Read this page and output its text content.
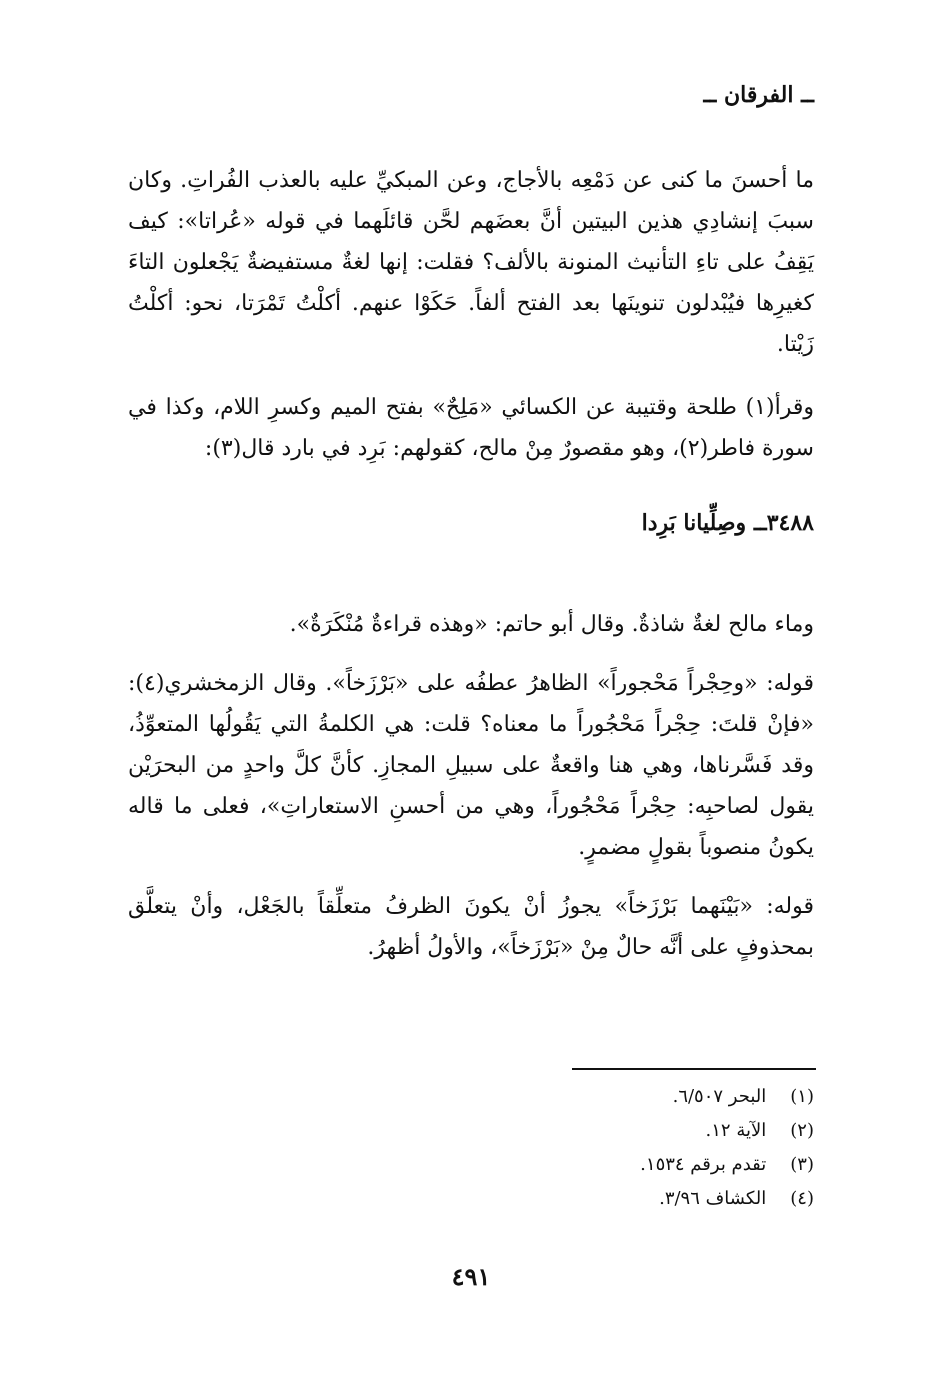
ــ الفرقان ــ

ما أحسنَ ما كنى عن دَمْعِه بالأجاج، وعن المبكيِّ عليه بالعذب الفُراتِ. وكان سببَ إنشادِي هذين البيتين أنَّ بعضَهم لحَّن قائلَهما في قوله «عُراتا»: كيف يَقِفُ على تاءِ التأنيث المنونة بالألف؟ فقلت: إنها لغةٌ مستفيضةٌ يَجْعلون التاءَ كغيرِها فيُبْدلون تنوينَها بعد الفتح ألفاً. حَكَوْا عنهم. أكلْتُ تَمْرَتا، نحو: أكلْتُ زَيْتا.

وقرأ(١) طلحة وقتيبة عن الكسائي «مَلِحٌ» بفتح الميم وكسرِ اللام، وكذا في سورة فاطر(٢)، وهو مقصورٌ مِنْ مالح، كقولهم: بَرِد في بارد قال(٣):

٣٤٨٨ــ وصِلِّيانا بَرِدا

وماء مالح لغةٌ شاذةٌ. وقال أبو حاتم: «وهذه قراءةٌ مُنْكَرَةٌ».

قوله: «وحِجْراً مَحْجوراً» الظاهرُ عطفُه على «بَرْزَخاً». وقال الزمخشري(٤): «فإنْ قلتَ: حِجْراً مَحْجُوراً ما معناه؟ قلت: هي الكلمةُ التي يَقُولُها المتعوِّذُ، وقد فَسَّرناها، وهي هنا واقعةٌ على سبيلِ المجازِ. كأنَّ كلَّ واحدٍ من البحرَيْن يقول لصاحبِه: حِجْراً مَحْجُوراً، وهي من أحسنِ الاستعاراتِ»، فعلى ما قاله يكونُ منصوباً بقولٍ مضمرٍ.

قوله: «بَيْنَهما بَرْزَخاً» يجوزُ أنْ يكونَ الظرفُ متعلِّقاً بالجَعْل، وأنْ يتعلَّق بمحذوفٍ على أنَّه حالٌ مِنْ «بَرْزَخاً»، والأولُ أظهرُ.

(١) البحر ٦/٥٠٧.
(٢) الآية ١٢.
(٣) تقدم برقم ١٥٣٤.
(٤) الكشاف ٣/٩٦.
٤٩١
